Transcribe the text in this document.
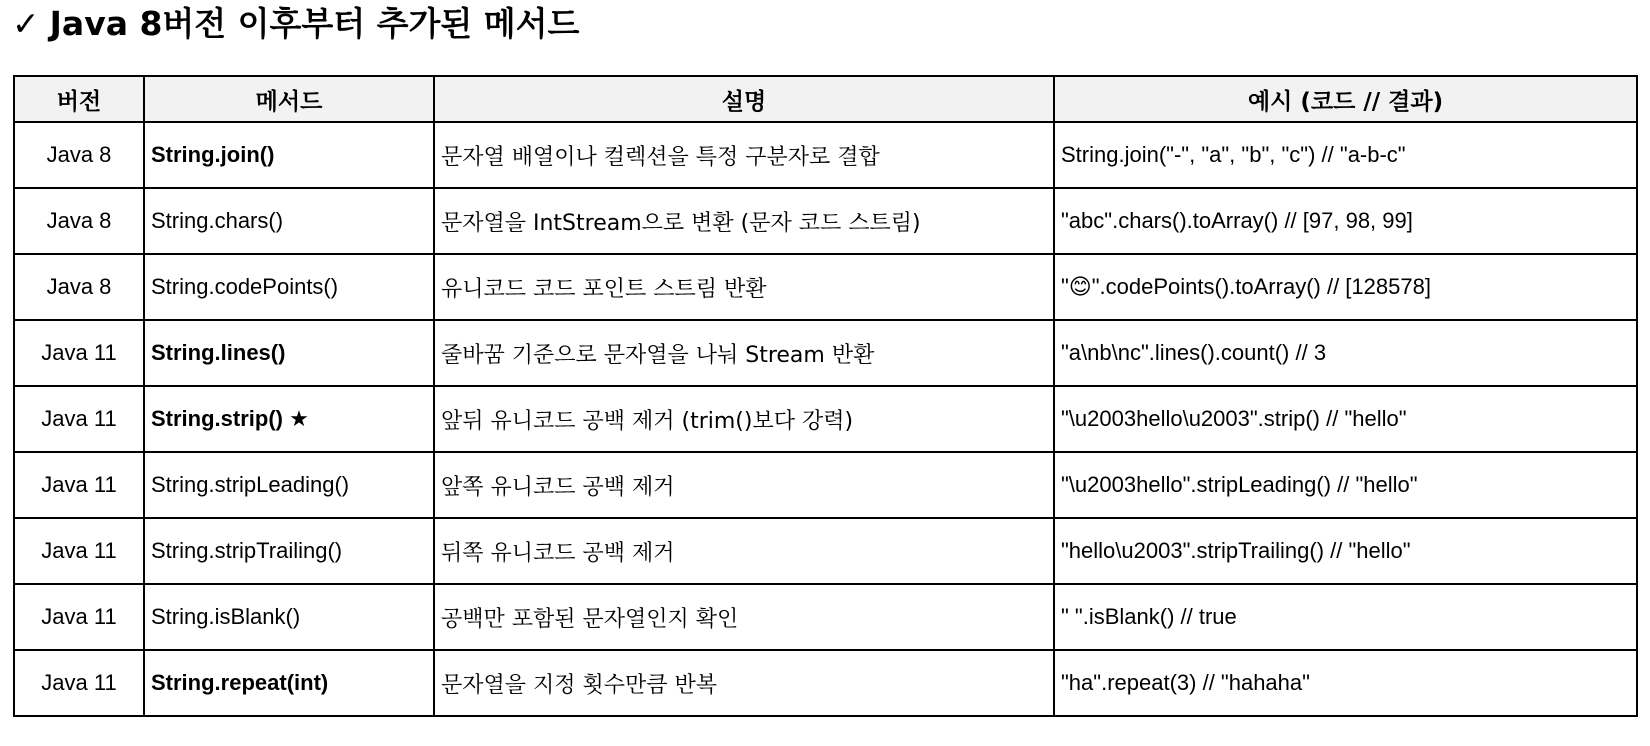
✓ Java 8버전 이후부터 추가된 메서드
버전	메서드	설명	예시 (코드 // 결과)
Java 8	String.join()	문자열 배열이나 컬렉션을 특정 구분자로 결합	String.join("-", "a", "b", "c") // "a-b-c"
Java 8	String.chars()	문자열을 IntStream으로 변환 (문자 코드 스트림)	"abc".chars().toArray() // [97, 98, 99]
Java 8	String.codePoints()	유니코드 코드 포인트 스트림 반환	"😊".codePoints().toArray() // [128578]
Java 11	String.lines()	줄바꿈 기준으로 문자열을 나눠 Stream 반환	"a\nb\nc".lines().count() // 3
Java 11	String.strip() ★	앞뒤 유니코드 공백 제거 (trim()보다 강력)	"\u2003hello\u2003".strip() // "hello"
Java 11	String.stripLeading()	앞쪽 유니코드 공백 제거	"\u2003hello".stripLeading() // "hello"
Java 11	String.stripTrailing()	뒤쪽 유니코드 공백 제거	"hello\u2003".stripTrailing() // "hello"
Java 11	String.isBlank()	공백만 포함된 문자열인지 확인	" ".isBlank() // true
Java 11	String.repeat(int)	문자열을 지정 횟수만큼 반복	"ha".repeat(3) // "hahaha"
